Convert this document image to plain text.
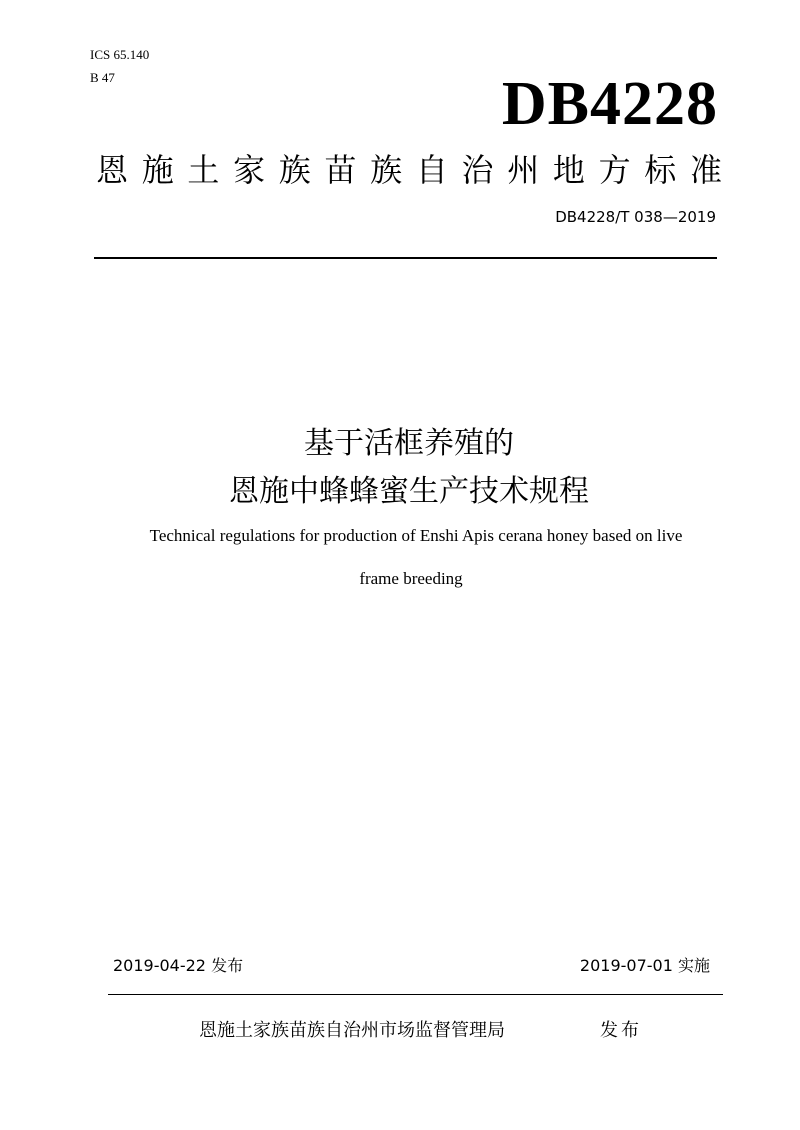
ICS 65.140
B 47	DB4228
恩 施 土 家 族 苗 族 自 治 州 地 方 标 准
DB4228/T 038—2019
基于活框养殖的
恩施中蜂蜂蜜生产技术规程
Technical regulations for production of Enshi Apis cerana honey based on live
frame breeding
2019-04-22 发布	2019-07-01 实施
恩施土家族苗族自治州市场监督管理局	发布
